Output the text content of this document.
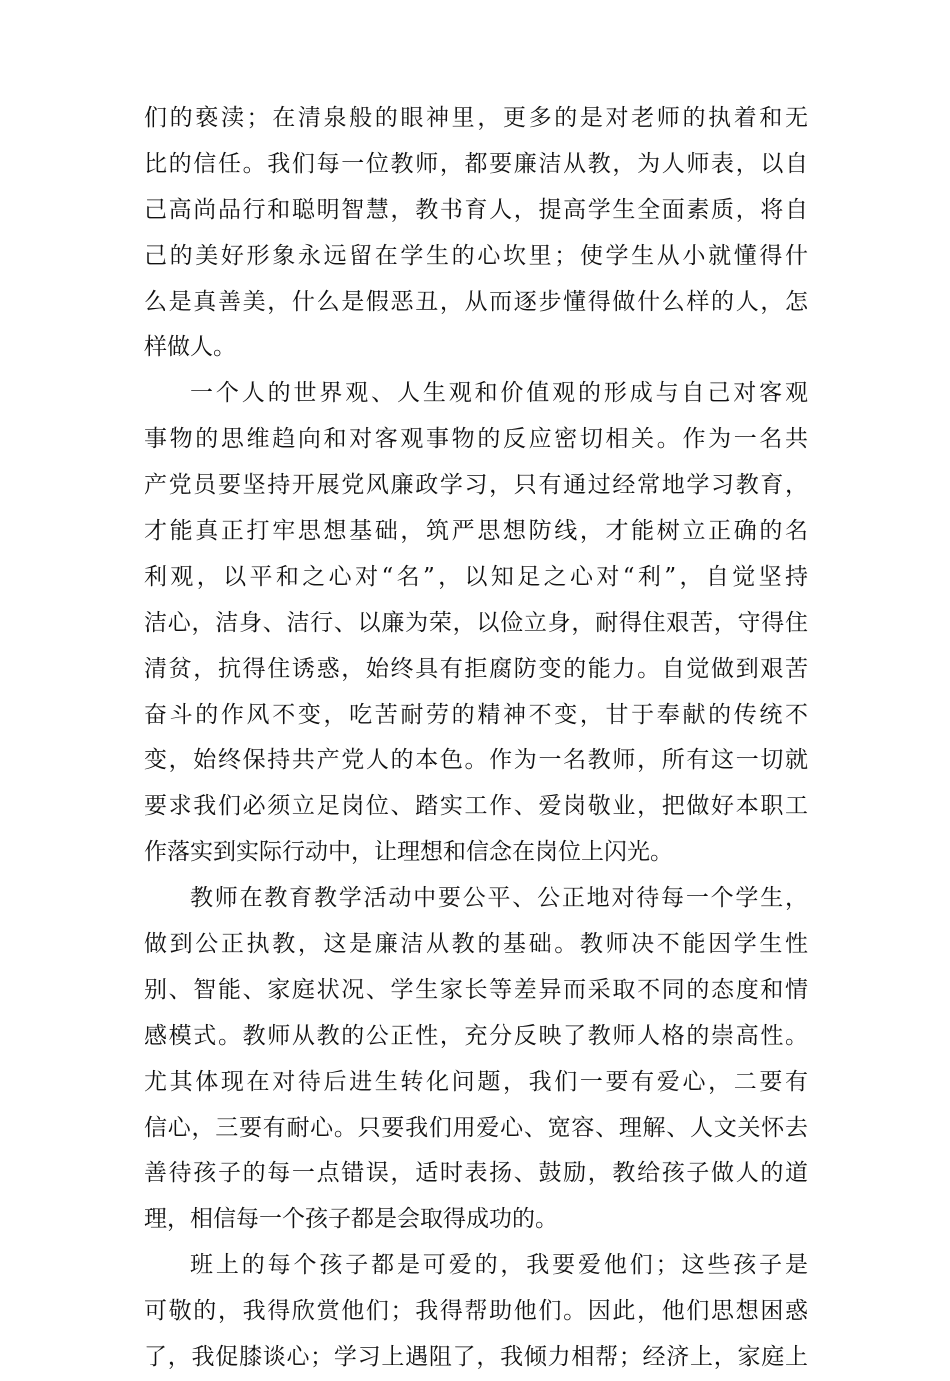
们的亵渎；在清泉般的眼神里，更多的是对老师的执着和无
比的信任。我们每一位教师，都要廉洁从教，为人师表，以自
己高尚品行和聪明智慧，教书育人，提高学生全面素质，将自
己的美好形象永远留在学生的心坎里；使学生从小就懂得什
么是真善美，什么是假恶丑，从而逐步懂得做什么样的人，怎
样做人。
一个人的世界观、人生观和价值观的形成与自己对客观
事物的思维趋向和对客观事物的反应密切相关。作为一名共
产党员要坚持开展党风廉政学习，只有通过经常地学习教育，
才能真正打牢思想基础，筑严思想防线，才能树立正确的名
利观，以平和之心对“名”，以知足之心对“利”，自觉坚持
洁心，洁身、洁行、以廉为荣，以俭立身，耐得住艰苦，守得住
清贫，抗得住诱惑，始终具有拒腐防变的能力。自觉做到艰苦
奋斗的作风不变，吃苦耐劳的精神不变，甘于奉献的传统不
变，始终保持共产党人的本色。作为一名教师，所有这一切就
要求我们必须立足岗位、踏实工作、爱岗敬业，把做好本职工
作落实到实际行动中，让理想和信念在岗位上闪光。
教师在教育教学活动中要公平、公正地对待每一个学生，
做到公正执教，这是廉洁从教的基础。教师决不能因学生性
别、智能、家庭状况、学生家长等差异而采取不同的态度和情
感模式。教师从教的公正性，充分反映了教师人格的崇高性。
尤其体现在对待后进生转化问题，我们一要有爱心，二要有
信心，三要有耐心。只要我们用爱心、宽容、理解、人文关怀去
善待孩子的每一点错误，适时表扬、鼓励，教给孩子做人的道
理，相信每一个孩子都是会取得成功的。
班上的每个孩子都是可爱的，我要爱他们；这些孩子是
可敬的，我得欣赏他们；我得帮助他们。因此，他们思想困惑
了，我促膝谈心；学习上遇阻了，我倾力相帮；经济上，家庭上
